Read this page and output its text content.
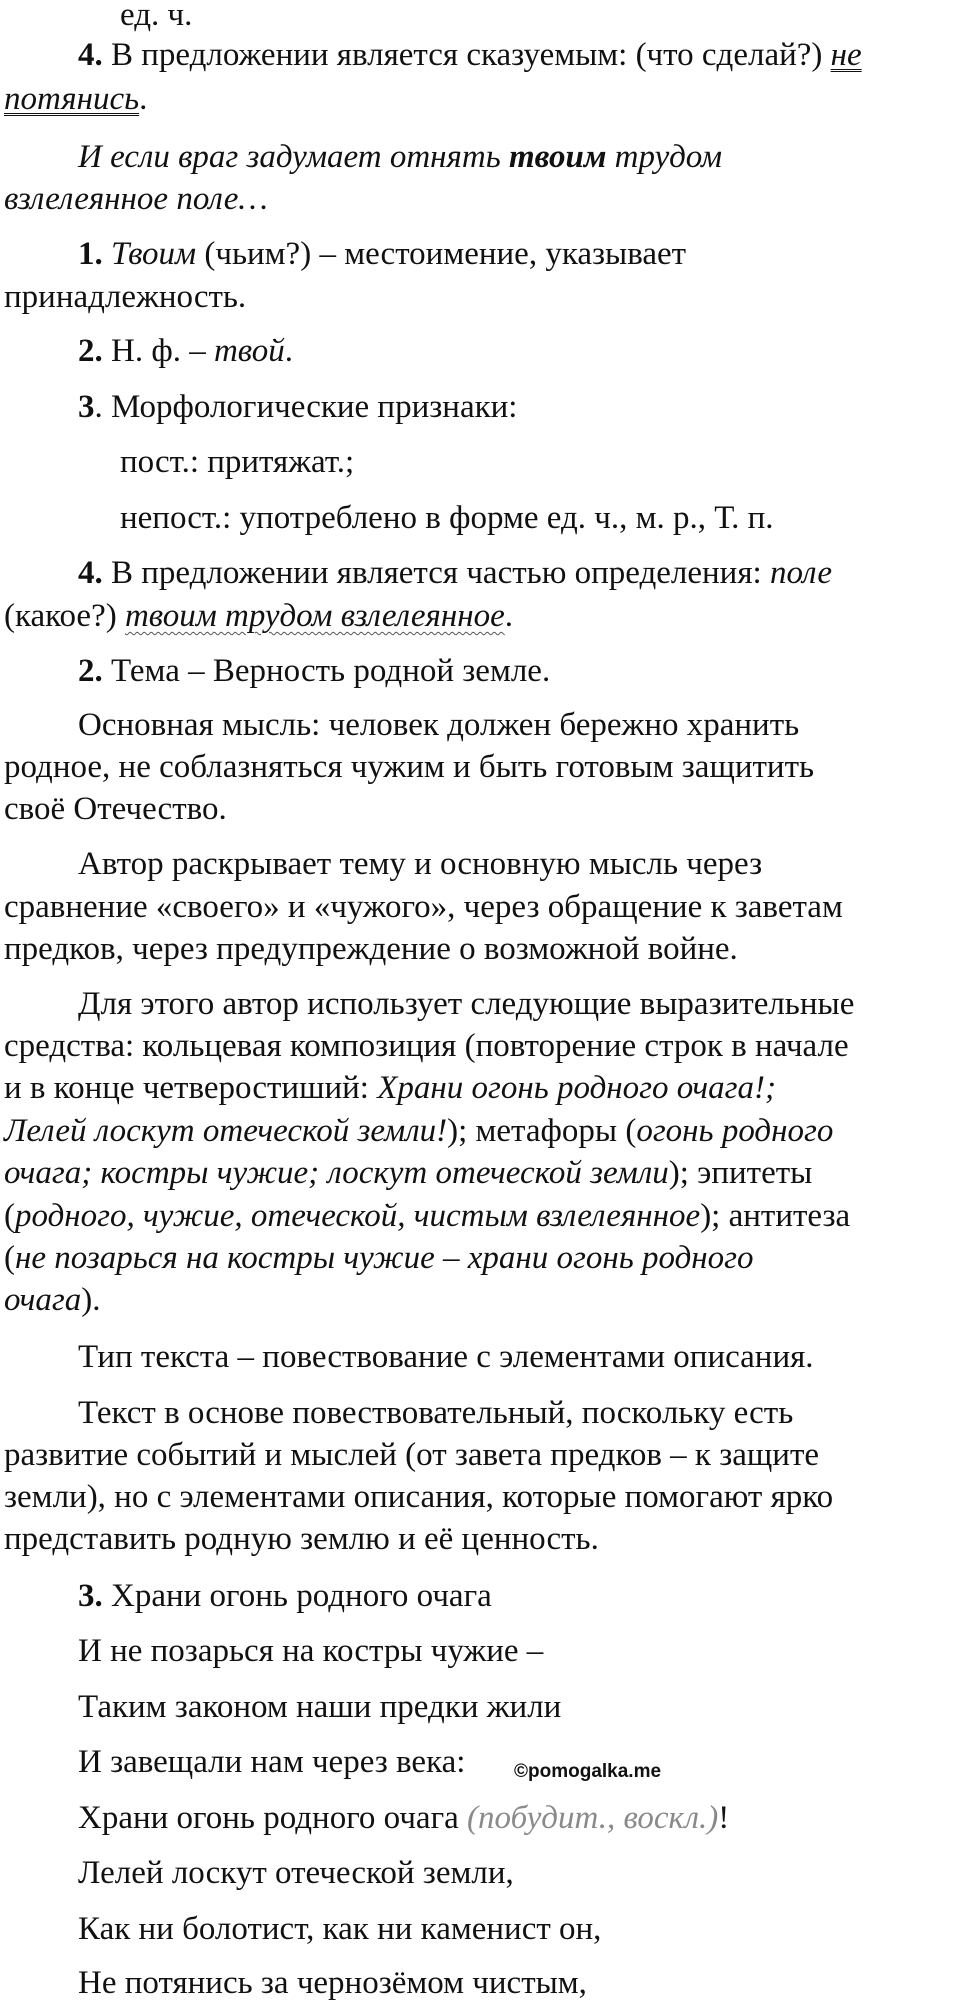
ед. ч.
4. В предложении является сказуемым: (что сделай?) не
потянись.
И если враг задумает отнять твоим трудом
взлелеянное поле…
1. Твоим (чьим?) – местоимение, указывает
принадлежность.
2. Н. ф. – твой.
3. Морфологические признаки:
пост.: притяжат.;
непост.: употреблено в форме ед. ч., м. р., Т. п.
4. В предложении является частью определения: поле
(какое?) твоим трудом взлелеянное.
2. Тема – Верность родной земле.
Основная мысль: человек должен бережно хранить
родное, не соблазняться чужим и быть готовым защитить
своё Отечество.
Автор раскрывает тему и основную мысль через
сравнение «своего» и «чужого», через обращение к заветам
предков, через предупреждение о возможной войне.
Для этого автор использует следующие выразительные
средства: кольцевая композиция (повторение строк в начале
и в конце четверостиший: Храни огонь родного очага!;
Лелей лоскут отеческой земли!); метафоры (огонь родного
очага; костры чужие; лоскут отеческой земли); эпитеты
(родного, чужие, отеческой, чистым взлелеянное); антитеза
(не позарься на костры чужие – храни огонь родного
очага).
Тип текста – повествование с элементами описания.
Текст в основе повествовательный, поскольку есть
развитие событий и мыслей (от завета предков – к защите
земли), но с элементами описания, которые помогают ярко
представить родную землю и её ценность.
3. Храни огонь родного очага
И не позарься на костры чужие –
Таким законом наши предки жили
И завещали нам через века:
Храни огонь родного очага (побудит., воскл.)!
Лелей лоскут отеческой земли,
Как ни болотист, как ни каменист он,
Не потянись за чернозёмом чистым,
©pomogalka.me
